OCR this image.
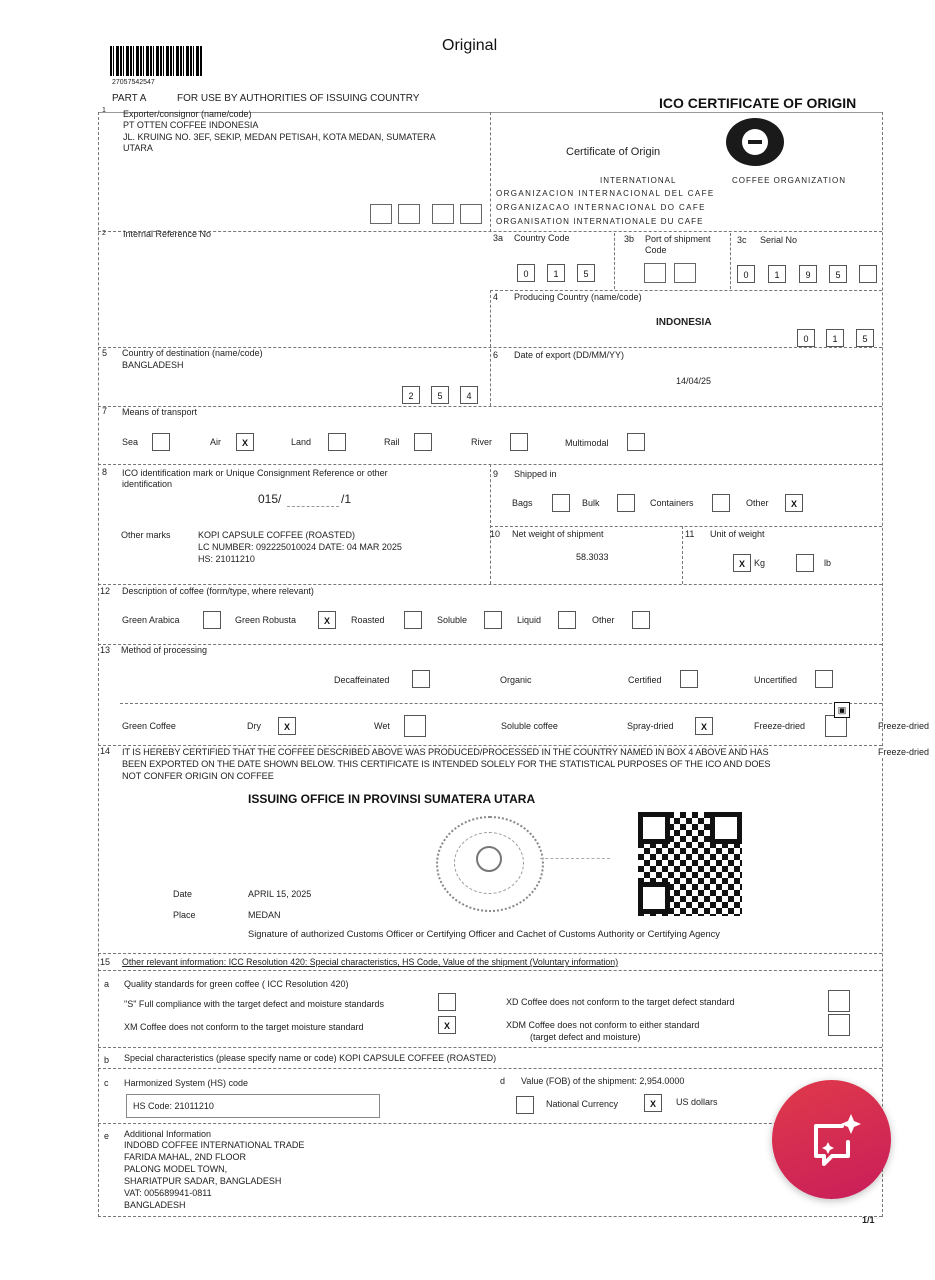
27057542547
Original
PART A	FOR USE BY AUTHORITIES OF ISSUING COUNTRY	ICO CERTIFICATE OF ORIGIN
1 Exporter/consignor (name/code)
PT OTTEN COFFEE INDONESIA
JL. KRUING NO. 3EF, SEKIP, MEDAN PETISAH, KOTA MEDAN, SUMATERA
UTARA	Certificate of Origin
INTERNATIONAL	COFFEE ORGANIZATION
ORGANIZACION INTERNACIONAL DEL CAFE
ORGANIZACAO INTERNACIONAL DO CAFE
ORGANISATION INTERNATIONALE DU CAFE
2 Internal Reference No	3a Country Code
0	1	5
3b Port of shipment
Code
3c Serial No
0	1	9	5
4 Producing Country (name/code)
INDONESIA
0	1	5
5 Country of destination (name/code)
BANGLADESH
2	5	4
6 Date of export (DD/MM/YY)
14/04/25
7 Means of transport
Sea	Air	X	Land	Rail	River	Multimodal
8 ICO identification mark or Unique Consignment Reference or other
identification
015/	/1
Other marks	KOPI CAPSULE COFFEE (ROASTED)
LC NUMBER: 092225010024 DATE: 04 MAR 2025
HS: 21011210
9 Shipped in
Bags	Bulk	Containers	Other	X
10 Net weight of shipment
58.3033
11 Unit of weight
X	Kg	lb
12 Description of coffee (form/type, where relevant)
Green Arabica	Green Robusta	X	Roasted	Soluble	Liquid	Other
13 Method of processing
Decaffeinated	Organic	Certified	Uncertified
Green Coffee	Dry	X	Wet	Soluble coffee	Spray-dried	X	Freeze-dried
▣
Freeze-dried
14 IT IS HEREBY CERTIFIED THAT THE COFFEE DESCRIBED ABOVE WAS PRODUCED/PROCESSED IN THE COUNTRY NAMED IN BOX 4 ABOVE AND HAS
BEEN EXPORTED ON THE DATE SHOWN BELOW. THIS CERTIFICATE IS INTENDED SOLELY FOR THE STATISTICAL PURPOSES OF THE ICO AND DOES
NOT CONFER ORIGIN ON COFFEE
Freeze-dried
ISSUING OFFICE IN PROVINSI SUMATERA UTARA
Date	APRIL 15, 2025
Place	MEDAN
Signature of authorized Customs Officer or Certifying Officer and Cachet of Customs Authority or Certifying Agency
15 Other relevant information: ICC Resolution 420: Special characteristics, HS Code, Value of the shipment (Voluntary information)
a Quality standards for green coffee ( ICC Resolution 420)
"S" Full compliance with the target defect and moisture standards	XD Coffee does not conform to the target defect standard
XM Coffee does not conform to the target moisture standard	X	XDM Coffee does not conform to either standard
(target defect and moisture)
b Special characteristics (please specify name or code) KOPI CAPSULE COFFEE (ROASTED)
c Harmonized System (HS) code
HS Code: 21011210
d Value (FOB) of the shipment: 2,954.0000
National Currency	X	US dollars
e Additional Information
INDOBD COFFEE INTERNATIONAL TRADE
FARIDA MAHAL, 2ND FLOOR
PALONG MODEL TOWN,
SHARIATPUR SADAR, BANGLADESH
VAT: 005689941-0811
BANGLADESH
1/1
